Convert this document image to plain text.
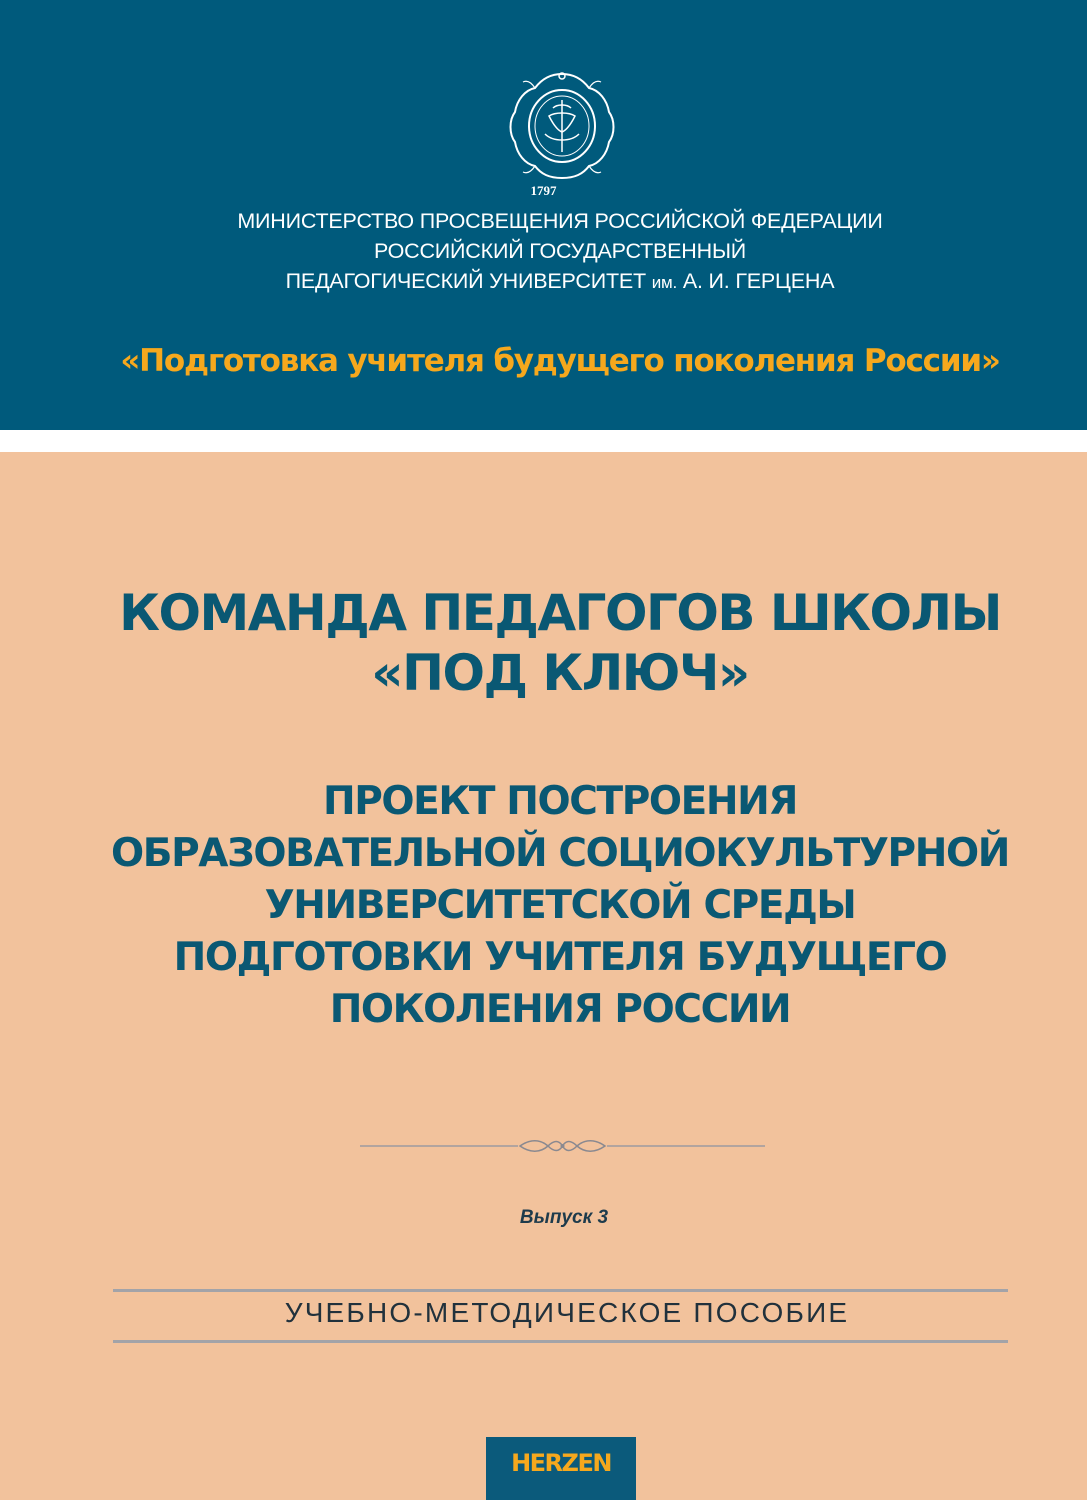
1797
МИНИСТЕРСТВО ПРОСВЕЩЕНИЯ РОССИЙСКОЙ ФЕДЕРАЦИИ
РОССИЙСКИЙ ГОСУДАРСТВЕННЫЙ
ПЕДАГОГИЧЕСКИЙ УНИВЕРСИТЕТ им. А. И. ГЕРЦЕНА
«Подготовка учителя будущего поколения России»
КОМАНДА ПЕДАГОГОВ ШКОЛЫ
«ПОД КЛЮЧ»
ПРОЕКТ ПОСТРОЕНИЯ
ОБРАЗОВАТЕЛЬНОЙ СОЦИОКУЛЬТУРНОЙ
УНИВЕРСИТЕТСКОЙ СРЕДЫ
ПОДГОТОВКИ УЧИТЕЛЯ БУДУЩЕГО
ПОКОЛЕНИЯ РОССИИ
Выпуск 3
УЧЕБНО-МЕТОДИЧЕСКОЕ ПОСОБИЕ
HERZEN
